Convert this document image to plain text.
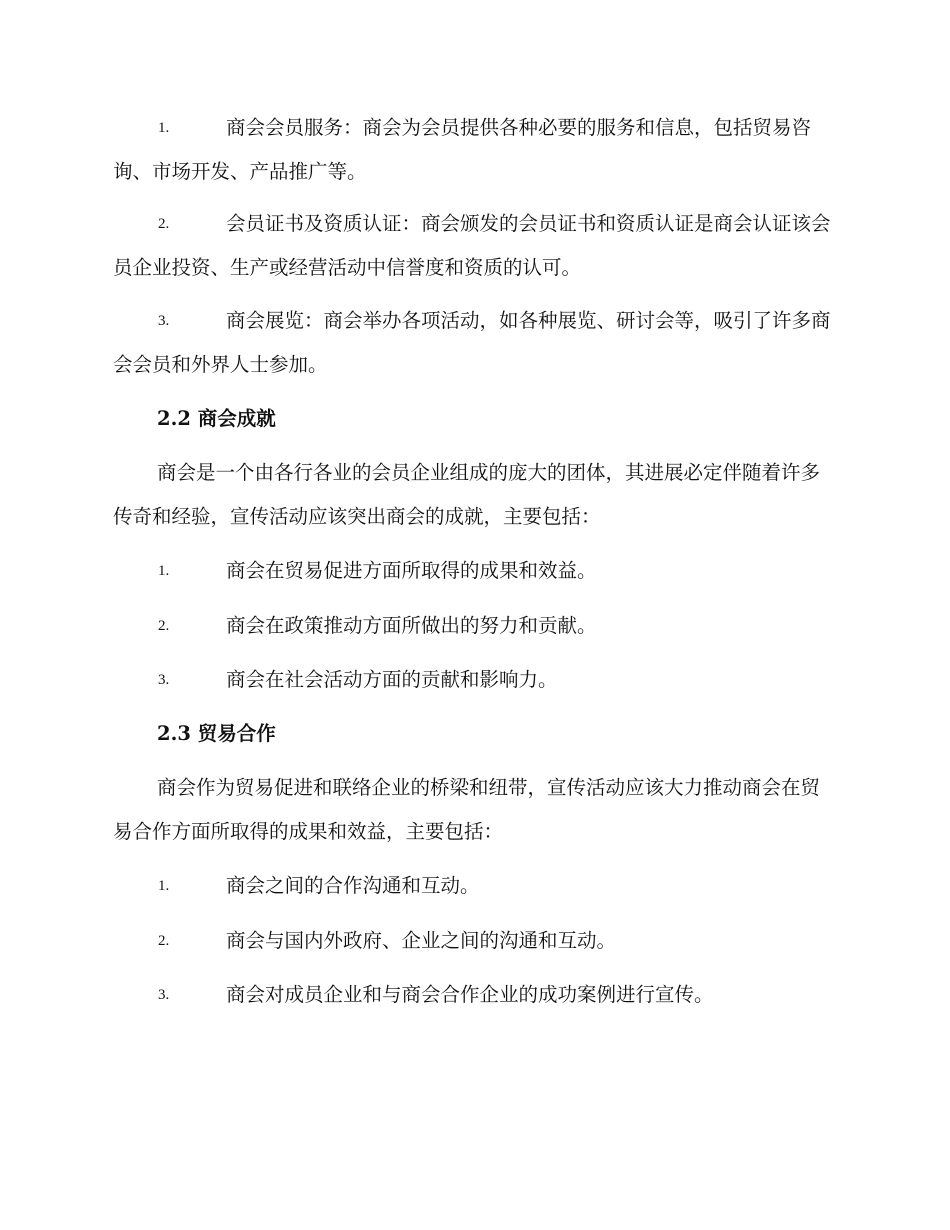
1.	商会会员服务：商会为会员提供各种必要的服务和信息，包括贸易咨询、市场开发、产品推广等。
2.	会员证书及资质认证：商会颁发的会员证书和资质认证是商会认证该会员企业投资、生产或经营活动中信誉度和资质的认可。
3.	商会展览：商会举办各项活动，如各种展览、研讨会等，吸引了许多商会会员和外界人士参加。
2.2 商会成就
商会是一个由各行各业的会员企业组成的庞大的团体，其进展必定伴随着许多传奇和经验，宣传活动应该突出商会的成就，主要包括：
1.	商会在贸易促进方面所取得的成果和效益。
2.	商会在政策推动方面所做出的努力和贡献。
3.	商会在社会活动方面的贡献和影响力。
2.3 贸易合作
商会作为贸易促进和联络企业的桥梁和纽带，宣传活动应该大力推动商会在贸易合作方面所取得的成果和效益，主要包括：
1.	商会之间的合作沟通和互动。
2.	商会与国内外政府、企业之间的沟通和互动。
3.	商会对成员企业和与商会合作企业的成功案例进行宣传。
